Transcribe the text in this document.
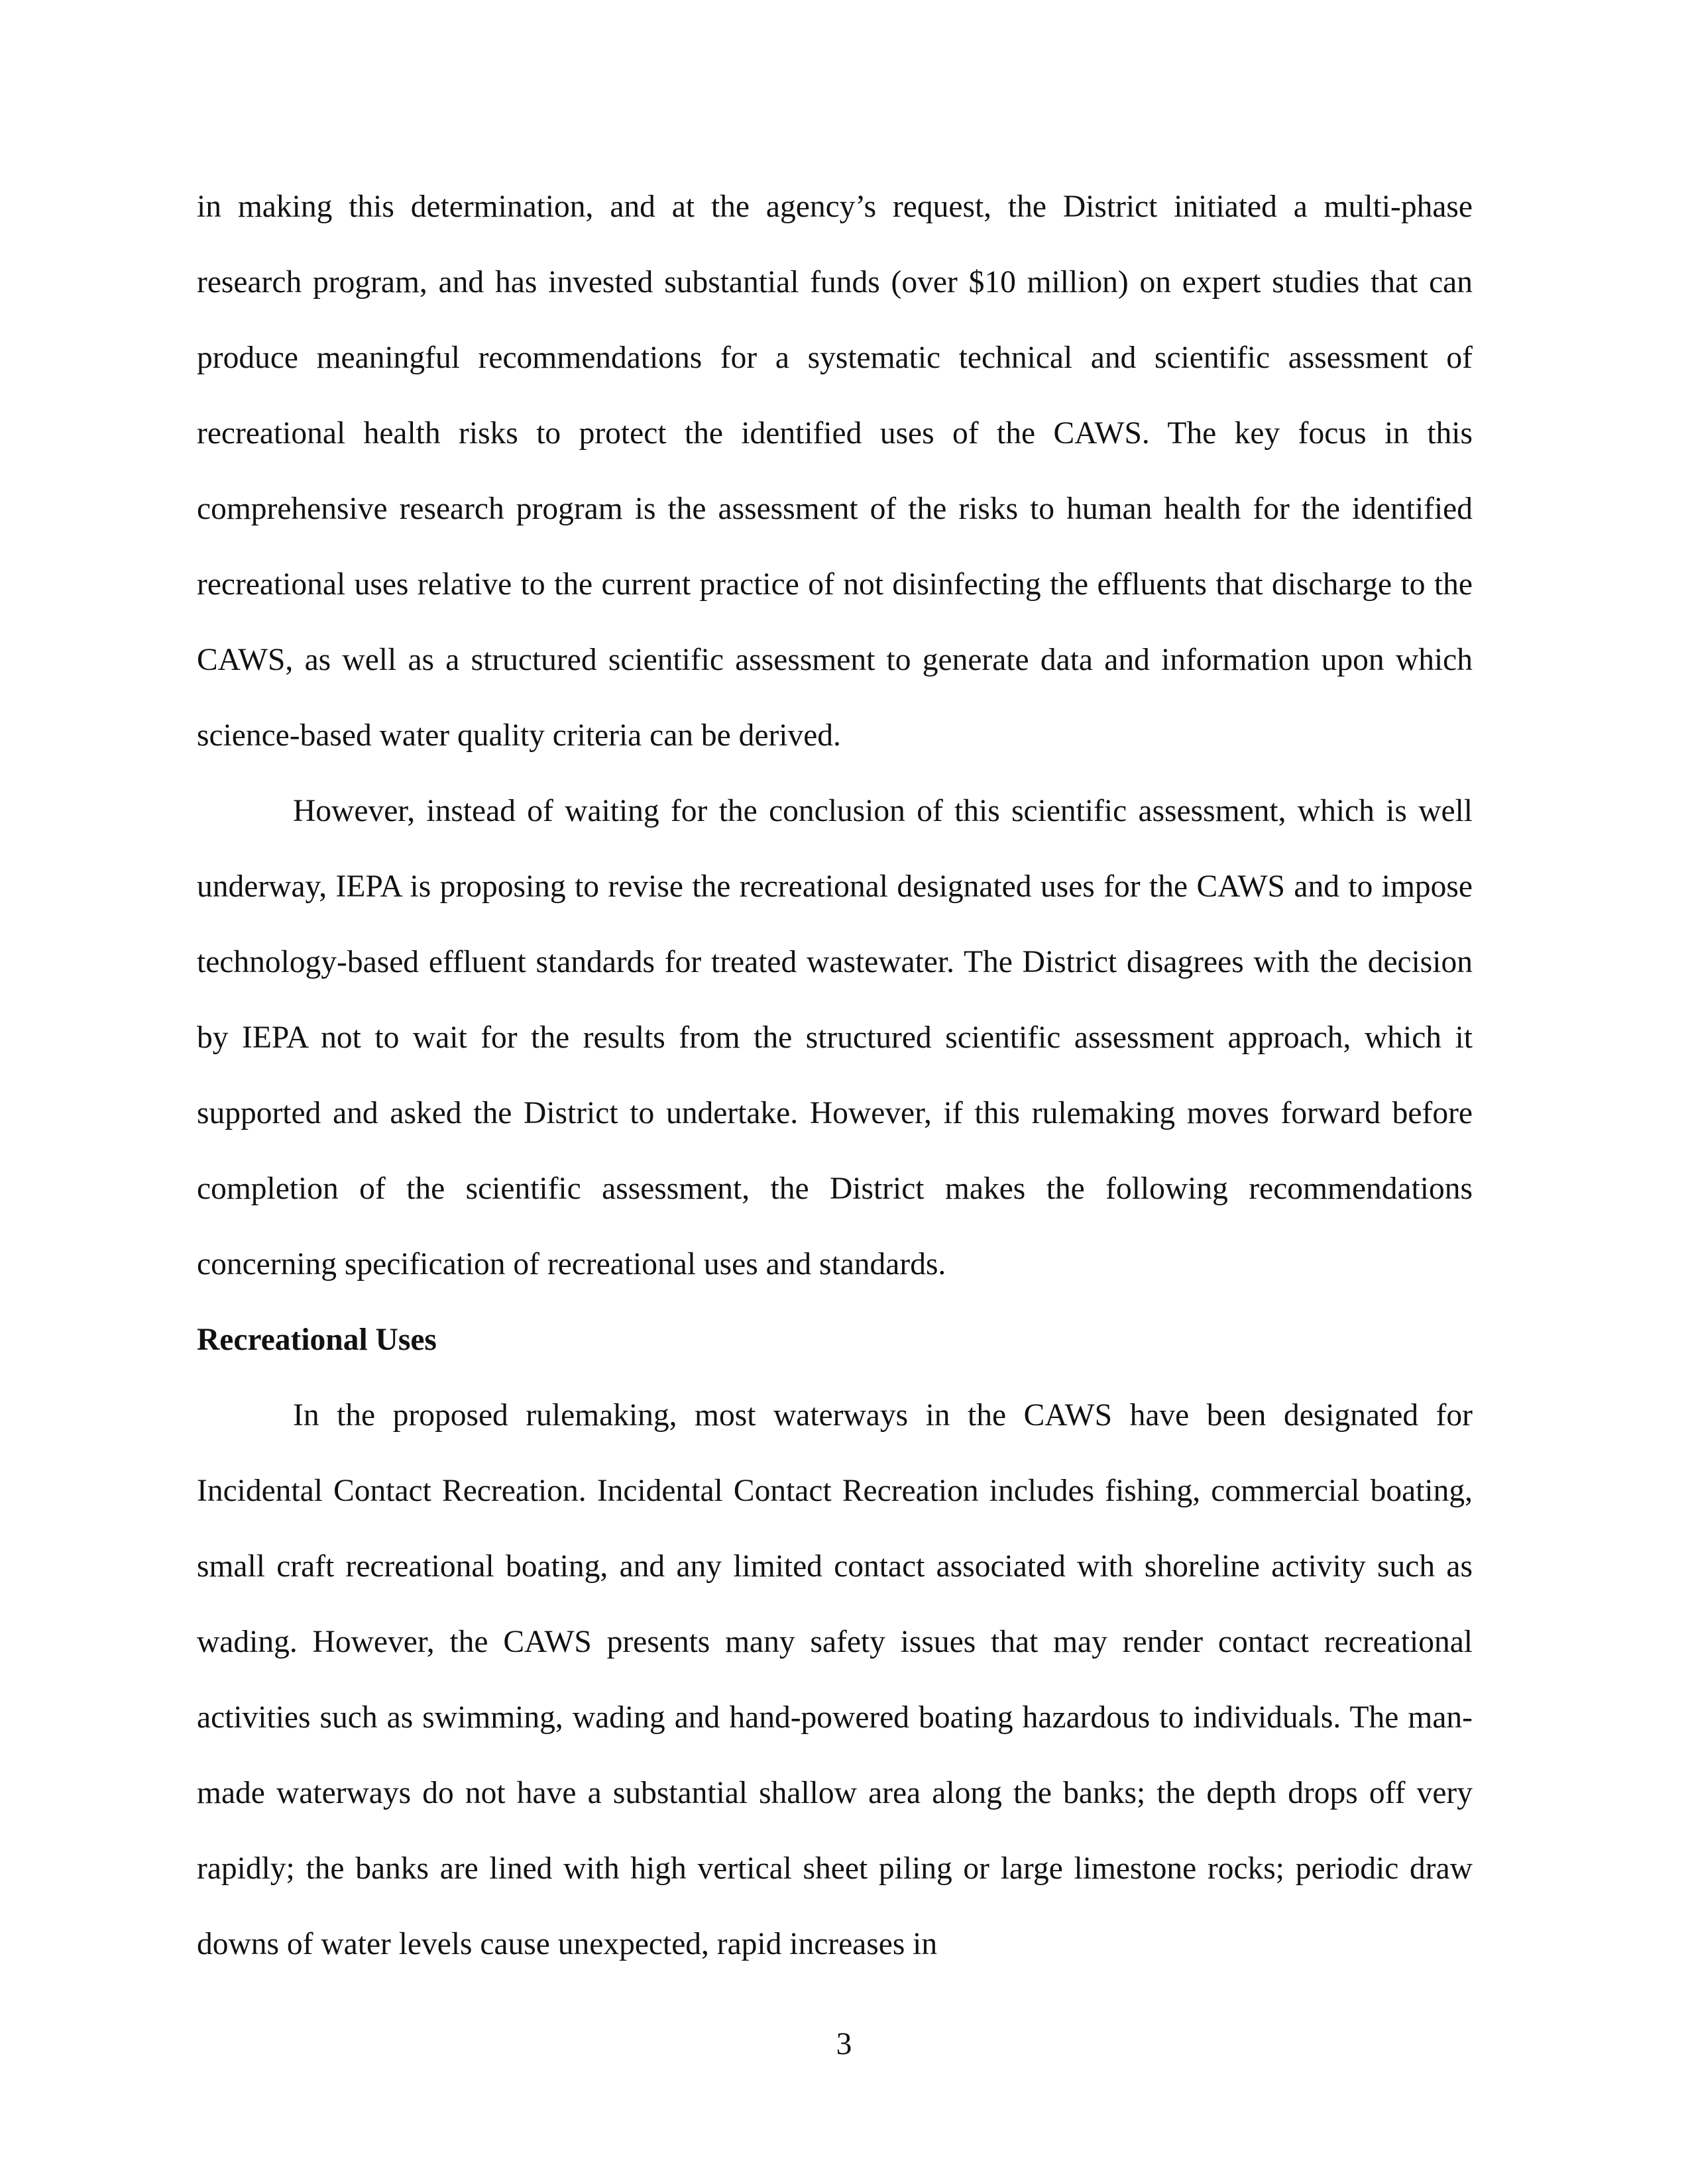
in making this determination, and at the agency’s request, the District initiated a multi-phase research program, and has invested substantial funds (over $10 million) on expert studies that can produce meaningful recommendations for a systematic technical and scientific assessment of recreational health risks to protect the identified uses of the CAWS. The key focus in this comprehensive research program is the assessment of the risks to human health for the identified recreational uses relative to the current practice of not disinfecting the effluents that discharge to the CAWS, as well as a structured scientific assessment to generate data and information upon which science-based water quality criteria can be derived.

However, instead of waiting for the conclusion of this scientific assessment, which is well underway, IEPA is proposing to revise the recreational designated uses for the CAWS and to impose technology-based effluent standards for treated wastewater. The District disagrees with the decision by IEPA not to wait for the results from the structured scientific assessment approach, which it supported and asked the District to undertake. However, if this rulemaking moves forward before completion of the scientific assessment, the District makes the following recommendations concerning specification of recreational uses and standards.

Recreational Uses

In the proposed rulemaking, most waterways in the CAWS have been designated for Incidental Contact Recreation. Incidental Contact Recreation includes fishing, commercial boating, small craft recreational boating, and any limited contact associated with shoreline activity such as wading. However, the CAWS presents many safety issues that may render contact recreational activities such as swimming, wading and hand-powered boating hazardous to individuals. The man-made waterways do not have a substantial shallow area along the banks; the depth drops off very rapidly; the banks are lined with high vertical sheet piling or large limestone rocks; periodic draw downs of water levels cause unexpected, rapid increases in

3
